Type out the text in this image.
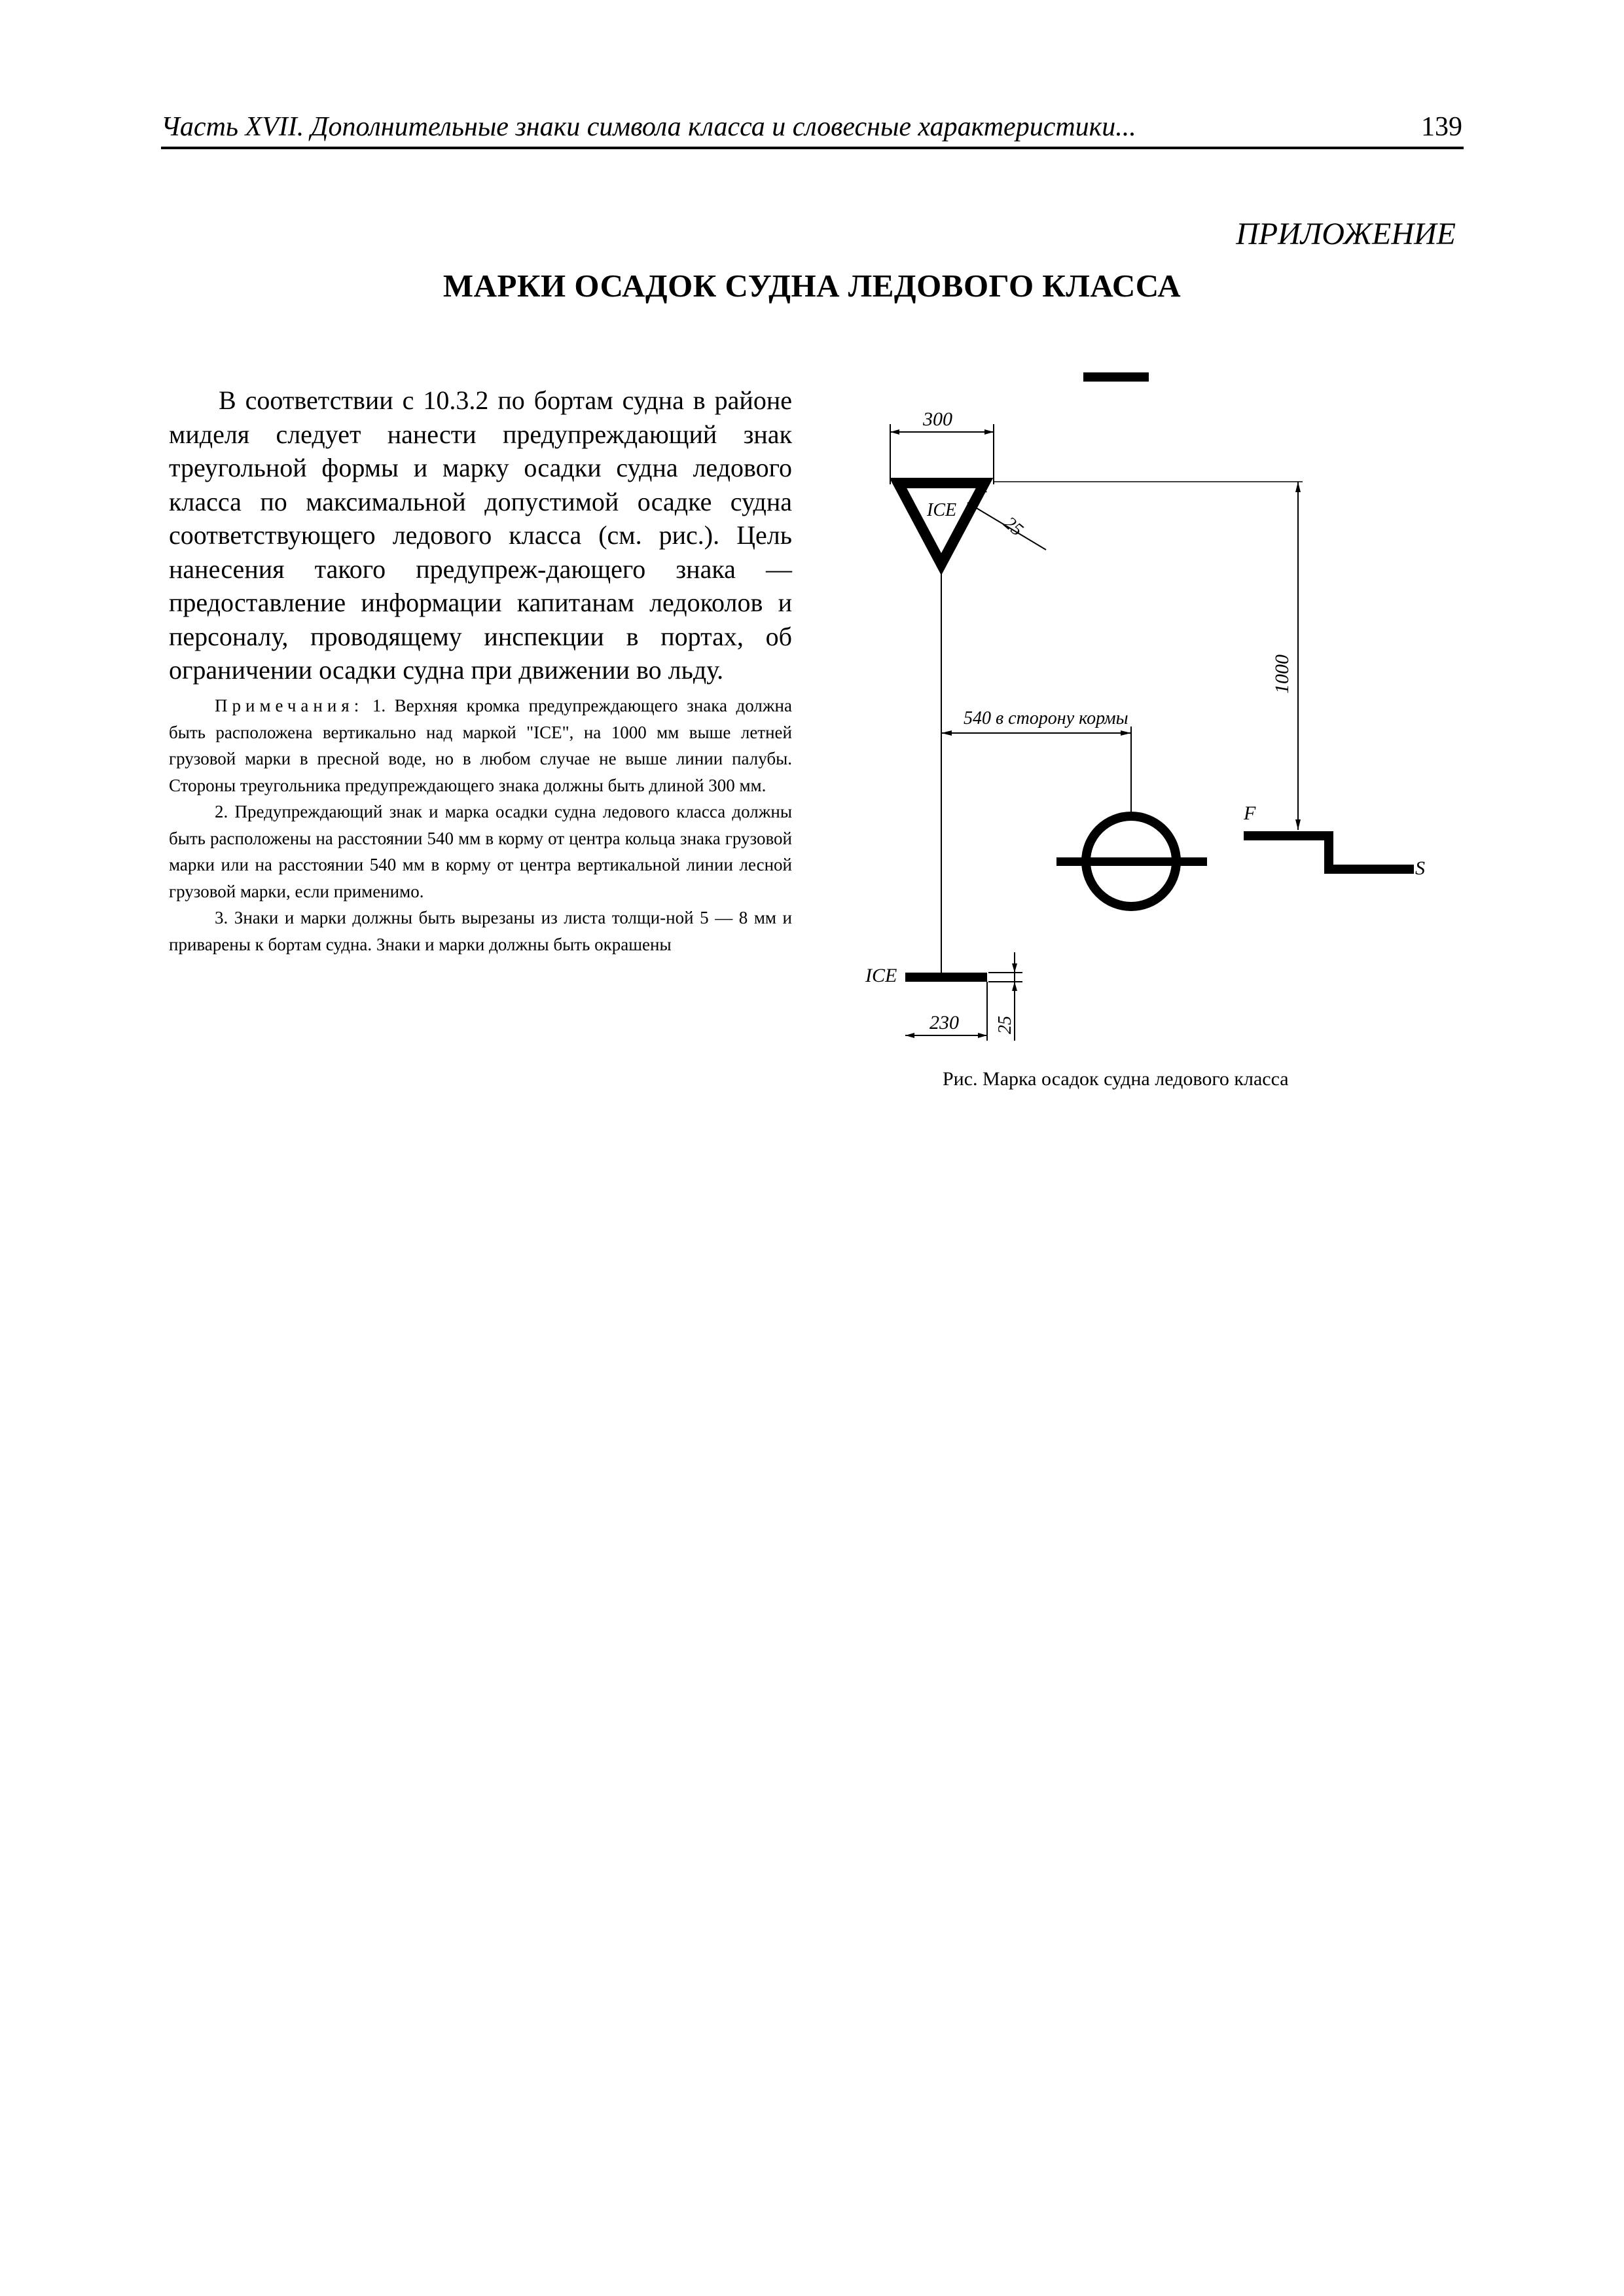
Часть XVII. Дополнительные знаки символа класса и словесные характеристики...	139
ПРИЛОЖЕНИЕ
МАРКИ ОСАДОК СУДНА ЛЕДОВОГО КЛАССА
В соответствии с 10.3.2 по бортам судна в районе миделя следует нанести предупреждающий знак треугольной формы и марку осадки судна ледового класса по максимальной допустимой осадке судна соответствующего ледового класса (см. рис.). Цель нанесения такого предупреж-дающего знака — предоставление информации капитанам ледоколов и персоналу, проводящему инспекции в портах, об ограничении осадки судна при движении во льду.

Примечания: 1. Верхняя кромка предупреждающего знака должна быть расположена вертикально над маркой "ICE", на 1000 мм выше летней грузовой марки в пресной воде, но в любом случае не выше линии палубы. Стороны треугольника предупреждающего знака должны быть длиной 300 мм.

2. Предупреждающий знак и марка осадки судна ледового класса должны быть расположены на расстоянии 540 мм в корму от центра кольца знака грузовой марки или на расстоянии 540 мм в корму от центра вертикальной линии лесной грузовой марки, если применимо.

3. Знаки и марки должны быть вырезаны из листа толщи-ной 5 — 8 мм и приварены к бортам судна. Знаки и марки должны быть окрашены

300
ICE
25
1000
540 в сторону кормы
F
S
ICE
230 25
Рис. Марка осадок судна ледового класса
